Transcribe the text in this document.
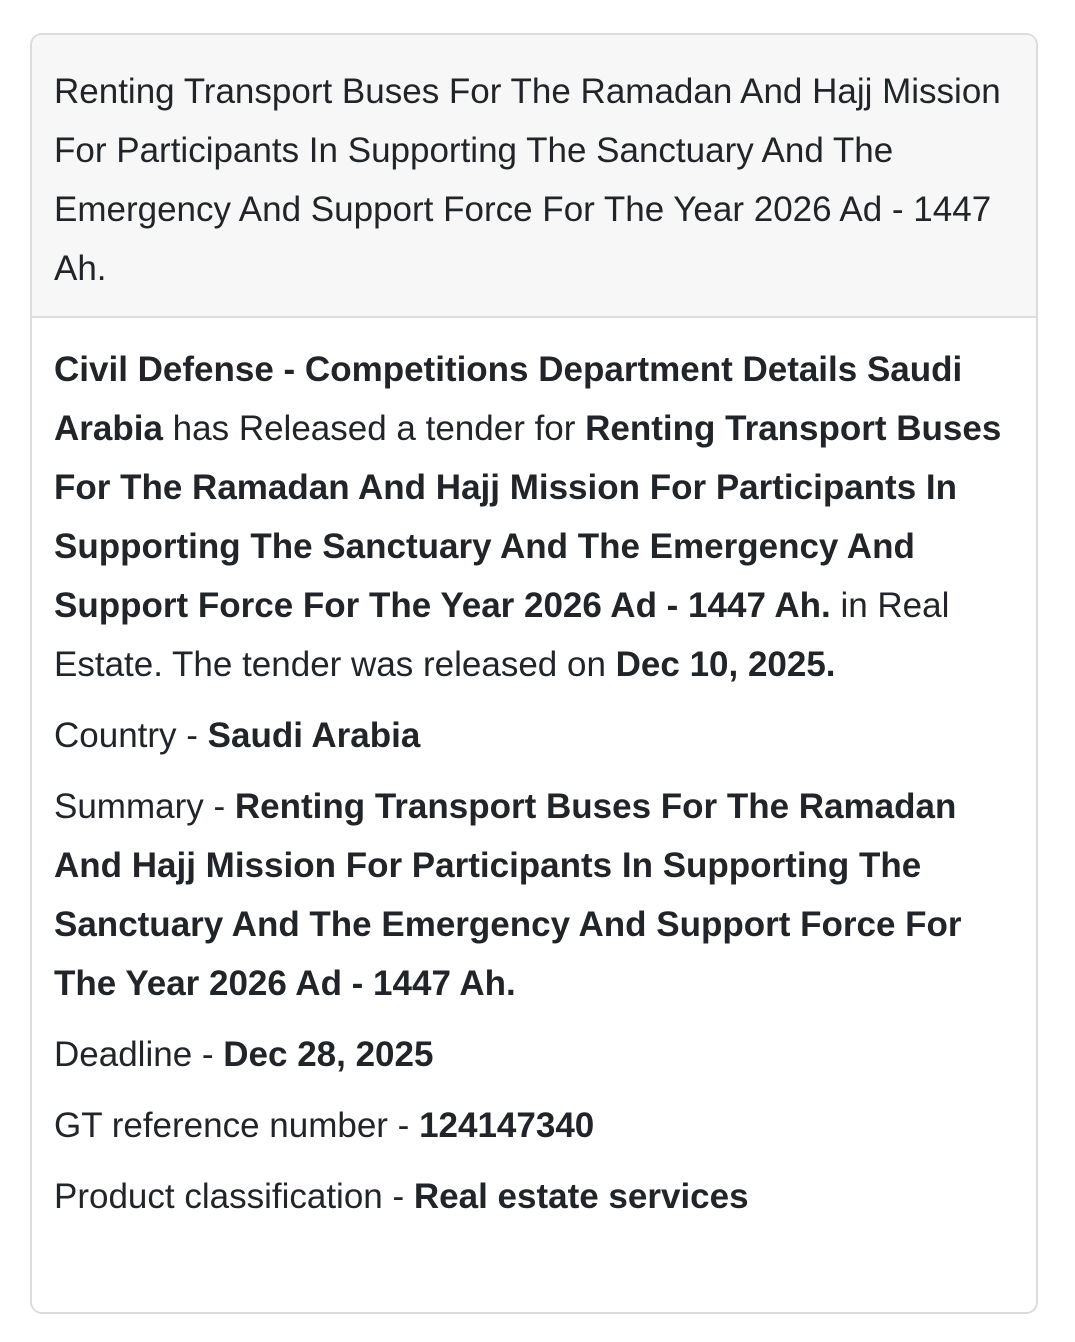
Renting Transport Buses For The Ramadan And Hajj Mission For Participants In Supporting The Sanctuary And The Emergency And Support Force For The Year 2026 Ad - 1447 Ah.

Civil Defense - Competitions Department Details Saudi Arabia has Released a tender for Renting Transport Buses For The Ramadan And Hajj Mission For Participants In Supporting The Sanctuary And The Emergency And Support Force For The Year 2026 Ad - 1447 Ah. in Real Estate. The tender was released on Dec 10, 2025.

Country - Saudi Arabia

Summary - Renting Transport Buses For The Ramadan And Hajj Mission For Participants In Supporting The Sanctuary And The Emergency And Support Force For The Year 2026 Ad - 1447 Ah.

Deadline - Dec 28, 2025

GT reference number - 124147340

Product classification - Real estate services
